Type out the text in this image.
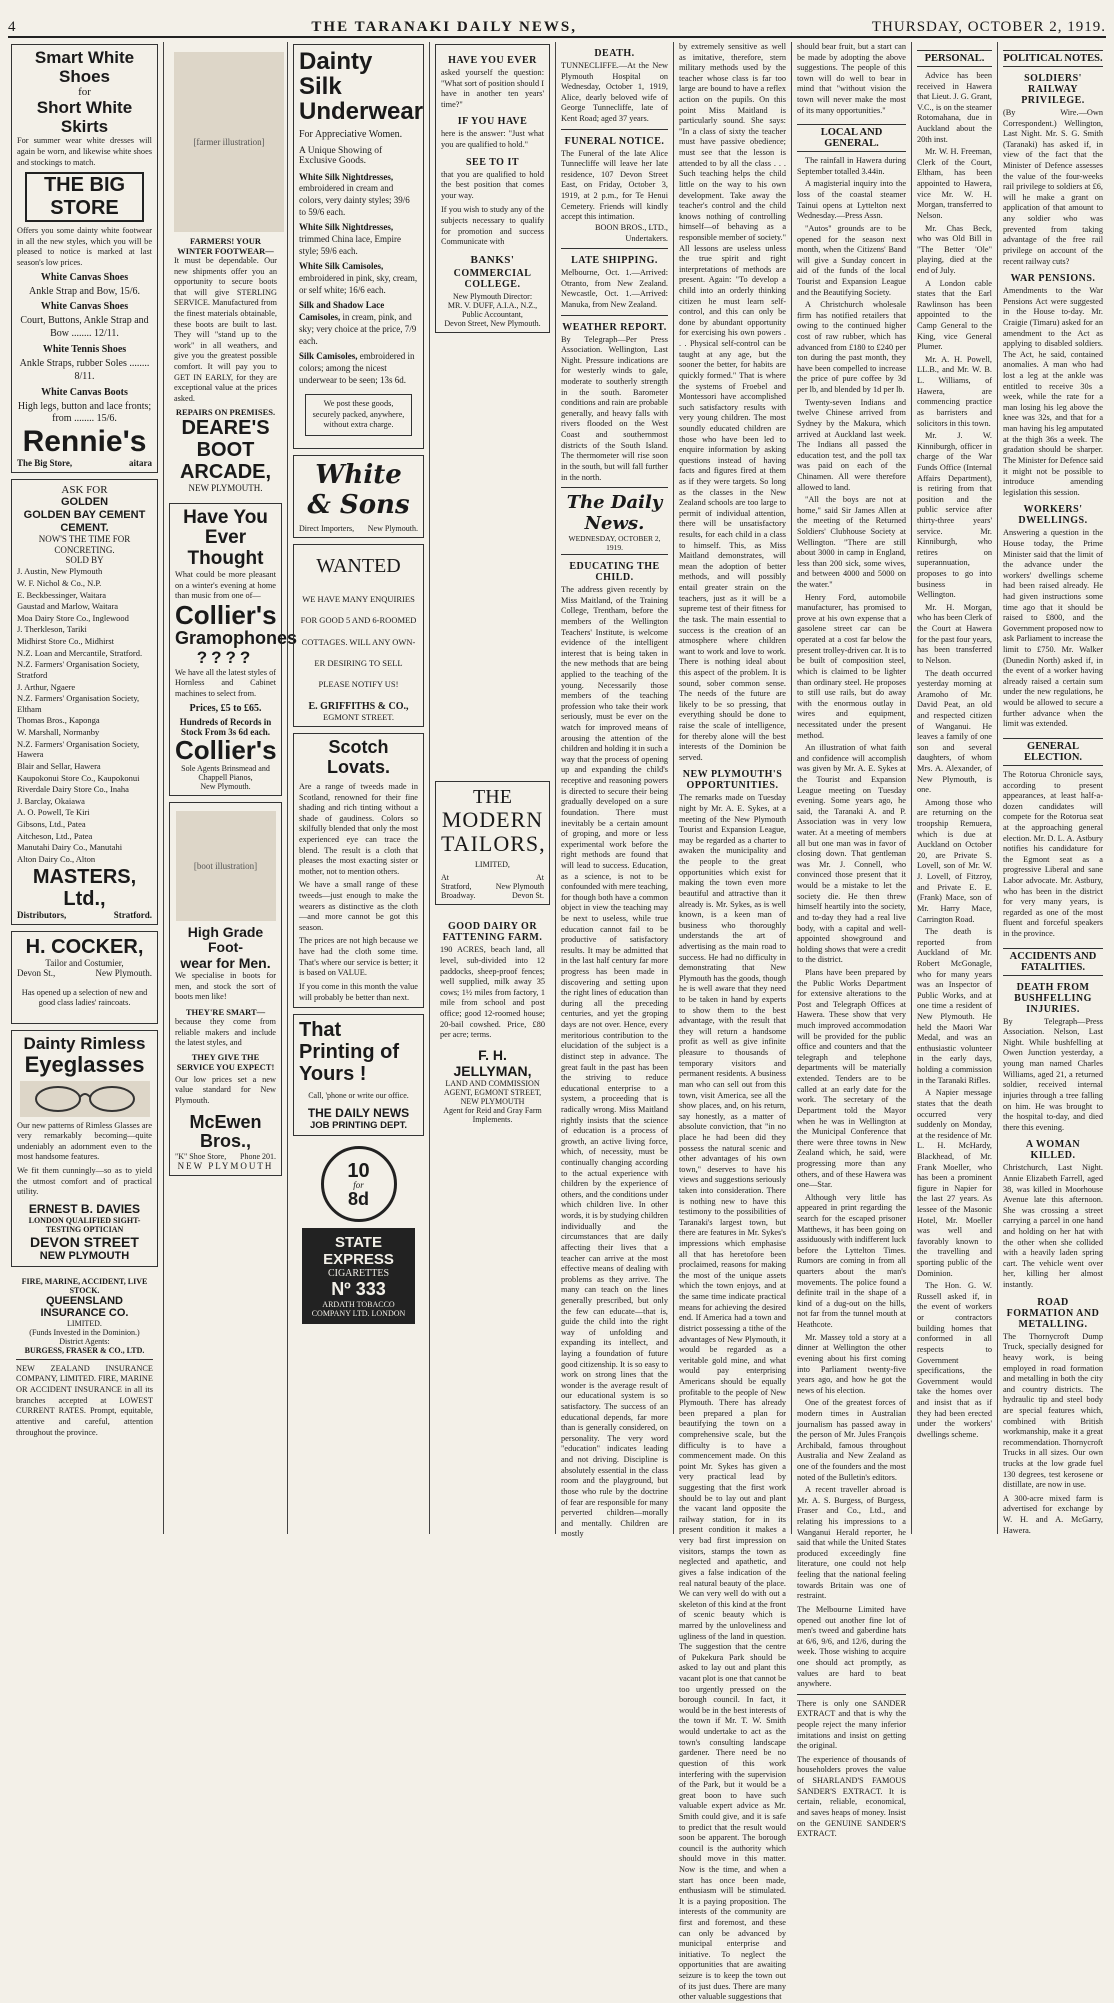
4	THE TARANAKI DAILY NEWS,	THURSDAY, OCTOBER 2, 1919.
Smart White Shoes
for
Short White Skirts
For summer wear white dresses will again be worn, and likewise white shoes and stockings to match.
THE BIG STORE
Offers you some dainty white footwear in all the new styles, which you will be pleased to notice is marked at last season's low prices.
White Canvas Shoes
Ankle Strap and Bow, 15/6.
White Canvas Shoes
Court, Buttons, Ankle Strap and Bow ........ 12/11.
White Tennis Shoes
Ankle Straps, rubber Soles ........ 8/11.
White Canvas Boots
High legs, button and lace fronts; from ........ 15/6.
Rennie's
The Big Store,	aitara
ASK FOR
GOLDEN
GOLDEN BAY CEMENT
CEMENT.
NOW'S THE TIME FOR CONCRETING.
SOLD BY
J. Austin, New Plymouth
W. F. Nichol & Co., N.P.
E. Beckbessinger, Waitara
Gaustad and Marlow, Waitara
Moa Dairy Store Co., Inglewood
J. Therkleson, Tariki
Midhirst Store Co., Midhirst
N.Z. Loan and Mercantile, Stratford.
N.Z. Farmers' Organisation Society, Stratford
J. Arthur, Ngaere
N.Z. Farmers' Organisation Society, Eltham
Thomas Bros., Kaponga
W. Marshall, Normanby
N.Z. Farmers' Organisation Society, Hawera
Blair and Sellar, Hawera
Kaupokonui Store Co., Kaupokonui
Riverdale Dairy Store Co., Inaha
J. Barclay, Okaiawa
A. O. Powell, Te Kiri
Gibsons, Ltd., Patea
Aitcheson, Ltd., Patea
Manutahi Dairy Co., Manutahi
Alton Dairy Co., Alton
MASTERS, Ltd.,
Distributors,	Stratford.
H. COCKER,
Tailor and Costumier,
Devon St.,	New Plymouth.
Has opened up a selection of new and good class ladies' raincoats.
Dainty Rimless
Eyeglasses
Our new patterns of Rimless Glasses are very remarkably becoming—quite undeniably an adornment even to the most handsome features.
We fit them cunningly—so as to yield the utmost comfort and of practical utility.
ERNEST B. DAVIES
LONDON QUALIFIED SIGHT-TESTING OPTICIAN
DEVON STREET
NEW PLYMOUTH
FIRE, MARINE, ACCIDENT, LIVE STOCK.
QUEENSLAND INSURANCE CO.
LIMITED.
(Funds Invested in the Dominion.)
District Agents:
BURGESS, FRASER & CO., LTD.
NEW ZEALAND INSURANCE COMPANY, LIMITED. FIRE, MARINE OR ACCIDENT INSURANCE in all its branches accepted at LOWEST CURRENT RATES. Prompt, equitable, attentive and careful, attention throughout the province.
[farmer illustration]
FARMERS! YOUR WINTER FOOTWEAR—
It must be dependable. Our new shipments offer you an opportunity to secure boots that will give STERLING SERVICE. Manufactured from the finest materials obtainable, these boots are built to last. They will "stand up to the work" in all weathers, and give you the greatest possible comfort. It will pay you to GET IN EARLY, for they are exceptional value at the prices asked.
REPAIRS ON PREMISES.
DEARE'S
BOOT
ARCADE,
NEW PLYMOUTH.
Have You
Ever Thought
What could be more pleasant on a winter's evening at home than music from one of—
Collier's
Gramophones
????
We have all the latest styles of Hornless and Cabinet machines to select from.
Prices, £5 to £65.
Hundreds of Records in Stock From 3s 6d each.
Collier's
Sole Agents Brinsmead and Chappell Pianos,
New Plymouth.
[boot illustration]
High Grade Foot-
wear for Men.
We specialise in boots for men, and stock the sort of boots men like!
THEY'RE SMART—
because they come from reliable makers and include the latest styles, and
THEY GIVE THE SERVICE YOU EXPECT!
Our low prices set a new value standard for New Plymouth.
McEwen Bros.,
"K" Shoe Store, Phone 201.
NEW PLYMOUTH
Dainty
Silk
Underwear
For Appreciative Women.
A Unique Showing of Exclusive Goods.
White Silk Nightdresses, embroidered in cream and colors, very dainty styles; 39/6 to 59/6 each.
White Silk Nightdresses, trimmed China lace, Empire style; 59/6 each.
White Silk Camisoles, embroidered in pink, sky, cream, or self white; 16/6 each.
Silk and Shadow Lace Camisoles, in cream, pink, and sky; very choice at the price, 7/9 each.
Silk Camisoles, embroidered in colors; among the nicest underwear to be seen; 13s 6d.
We post these goods, securely packed, anywhere, without extra charge.
White & Sons
Direct Importers, New Plymouth.
WANTED
WE HAVE MANY ENQUIRIES
FOR GOOD 5 AND 6-ROOMED
COTTAGES. WILL ANY OWN-
ER DESIRING TO SELL
PLEASE NOTIFY US!
E. GRIFFITHS & CO.,
EGMONT STREET.
Scotch Lovats.
Are a range of tweeds made in Scotland, renowned for their fine shading and rich tinting without a shade of gaudiness. Colors so skilfully blended that only the most experienced eye can trace the blend. The result is a cloth that pleases the most exacting sister or mother, not to mention others.
We have a small range of these tweeds—just enough to make the wearers as distinctive as the cloth—and more cannot be got this season.
The prices are not high because we have had the cloth some time. That's where our service is better; it is based on VALUE.
If you come in this month the value will probably be better than next.
That
Printing of
Yours !
Call, 'phone or write our office.
THE DAILY NEWS
JOB PRINTING DEPT.
10
for
8d
STATE EXPRESS
CIGARETTES
Nº 333
ARDATH TOBACCO COMPANY LTD. LONDON
HAVE YOU EVER
asked yourself the question: "What sort of position should I have in another ten years' time?"
IF YOU HAVE
here is the answer: "Just what you are qualified to hold."
SEE TO IT
that you are qualified to hold the best position that comes your way.
If you wish to study any of the subjects necessary to qualify for promotion and success Communicate with
BANKS'
COMMERCIAL COLLEGE.
New Plymouth Director:
MR. V. DUFF, A.I.A., N.Z., Public Accountant,
Devon Street, New Plymouth.
THE
MODERN
TAILORS,
LIMITED,
At	At
Stratford,	New Plymouth
Broadway.	Devon St.
GOOD DAIRY OR FATTENING FARM.
190 ACRES, beach land, all level, sub-divided into 12 paddocks, sheep-proof fences; well supplied, milk away 35 cows; 1½ miles from factory, 1 mile from school and post office; good 12-roomed house; 20-bail cowshed. Price, £80 per acre; terms.
F. H. JELLYMAN,
LAND AND COMMISSION AGENT, EGMONT STREET, NEW PLYMOUTH
Agent for Reid and Gray Farm Implements.
DEATH.
TUNNECLIFFE.—At the New Plymouth Hospital on Wednesday, October 1, 1919, Alice, dearly beloved wife of George Tunnecliffe, late of Kent Road; aged 37 years.
FUNERAL NOTICE.
The Funeral of the late Alice Tunnecliffe will leave her late residence, 107 Devon Street East, on Friday, October 3, 1919, at 2 p.m., for Te Henui Cemetery. Friends will kindly accept this intimation.
BOON BROS., LTD., Undertakers.
LATE SHIPPING.
Melbourne, Oct. 1.—Arrived: Otranto, from New Zealand. Newcastle, Oct. 1.—Arrived: Manuka, from New Zealand.
WEATHER REPORT.
By Telegraph—Per Press Association. Wellington, Last Night. Pressure indications are for westerly winds to gale, moderate to southerly strength in the south. Barometer conditions and rain are probable generally, and heavy falls with rivers flooded on the West Coast and southernmost districts of the South Island. The thermometer will rise soon in the south, but will fall further in the north.
The Daily News.
WEDNESDAY, OCTOBER 2, 1919.
EDUCATING THE CHILD.
The address given recently by Miss Maitland, of the Training College, Trentham, before the members of the Wellington Teachers' Institute, is welcome evidence of the intelligent interest that is being taken in the new methods that are being applied to the teaching of the young. Necessarily those members of the teaching profession who take their work seriously, must be ever on the watch for improved means of arousing the attention of the children and holding it in such a way that the process of opening up and expanding the child's receptive and reasoning powers is directed to secure their being gradually developed on a sure foundation. There must inevitably be a certain amount of groping, and more or less experimental work before the right methods are found that will lead to success. Education, as a science, is not to be confounded with mere teaching, for though both have a common object in view the teaching may be next to useless, while true education cannot fail to be productive of satisfactory results. It may be admitted that in the last half century far more progress has been made in discovering and setting upon the right lines of education than during all the preceding centuries, and yet the groping days are not over. Hence, every meritorious contribution to the elucidation of the subject is a distinct step in advance. The great fault in the past has been the striving to reduce educational enterprise to a system, a proceeding that is radically wrong. Miss Maitland rightly insists that the science of education is a process of growth, an active living force, which, of necessity, must be continually changing according to the actual experience with children by the experience of others, and the conditions under which children live. In other words, it is by studying children individually and the circumstances that are daily affecting their lives that a teacher can arrive at the most effective means of dealing with problems as they arrive. The many can teach on the lines generally prescribed, but only the few can educate—that is, guide the child into the right way of unfolding and expanding its intellect, and laying a foundation of future good citizenship. It is so easy to work on strong lines that the wonder is the average result of our educational system is so satisfactory. The success of an educational depends, far more than is generally considered, on personality. The very word "education" indicates leading and not driving. Discipline is absolutely essential in the class room and the playground, but those who rule by the doctrine of fear are responsible for many perverted children—morally and mentally. Children are mostly
by extremely sensitive as well as imitative, therefore, stern military methods used by the teacher whose class is far too large are bound to have a reflex action on the pupils. On this point Miss Maitland is particularly sound. She says: "In a class of sixty the teacher must have passive obedience; must see that the lesson is attended to by all the class . . . Such teaching helps the child little on the way to his own development. Take away the teacher's control and the child knows nothing of controlling himself—of behaving as a responsible member of society." All lessons are useless unless the true spirit and right interpretations of methods are present. Again: "To develop a child into an orderly thinking citizen he must learn self-control, and this can only be done by abundant opportunity for exercising his own powers . . . Physical self-control can be taught at any age, but the sooner the better, for habits are quickly formed." That is where the systems of Froebel and Montessori have accomplished such satisfactory results with very young children. The most soundly educated children are those who have been led to enquire information by asking questions instead of having facts and figures fired at them as if they were targets. So long as the classes in the New Zealand schools are too large to permit of individual attention, there will be unsatisfactory results, for each child in a class to himself. This, as Miss Maitland demonstrates, will mean the adoption of better methods, and will possibly entail greater strain on the teachers, just as it will be a supreme test of their fitness for the task. The main essential to success is the creation of an atmosphere where children want to work and love to work. There is nothing ideal about this aspect of the problem. It is sound, sober common sense. The needs of the future are likely to be so pressing, that everything should be done to raise the scale of intelligence, for thereby alone will the best interests of the Dominion be served.
NEW PLYMOUTH'S OPPORTUNITIES.
The remarks made on Tuesday night by Mr. A. E. Sykes, at a meeting of the New Plymouth Tourist and Expansion League, may be regarded as a charter to awaken the municipality and the people to the great opportunities which exist for making the town even more beautiful and attractive than it already is. Mr. Sykes, as is well known, is a keen man of business who thoroughly understands the art of advertising as the main road to success. He had no difficulty in demonstrating that New Plymouth has the goods, though he is well aware that they need to be taken in hand by experts to show them to the best advantage, with the result that they will return a handsome profit as well as give infinite pleasure to thousands of temporary visitors and permanent residents. A business man who can sell out from this town, visit America, see all the show places, and, on his return, say honestly, as a matter of absolute conviction, that "in no place he had been did they possess the natural scenic and other advantages of his own town," deserves to have his views and suggestions seriously taken into consideration. There is nothing new to have this testimony to the possibilities of Taranaki's largest town, but there are features in Mr. Sykes's impressions which emphasise all that has heretofore been proclaimed, reasons for making the most of the unique assets which the town enjoys, and at the same time indicate practical means for achieving the desired end. If America had a town and district possessing a tithe of the advantages of New Plymouth, it would be regarded as a veritable gold mine, and what would pay enterprising Americans should be equally profitable to the people of New Plymouth. There has already been prepared a plan for beautifying the town on a comprehensive scale, but the difficulty is to have a commencement made. On this point Mr. Sykes has given a very practical lead by suggesting that the first work should be to lay out and plant the vacant land opposite the railway station, for in its present condition it makes a very bad first impression on visitors, stamps the town as neglected and apathetic, and gives a false indication of the real natural beauty of the place. We can very well do with out a skeleton of this kind at the front of scenic beauty which is marred by the unloveliness and ugliness of the land in question. The suggestion that the centre of Pukekura Park should be asked to lay out and plant this vacant plot is one that cannot be too urgently pressed on the borough council. In fact, it would be in the best interests of the town if Mr. T. W. Smith would undertake to act as the town's consulting landscape gardener. There need be no question of this work interfering with the supervision of the Park, but it would be a great boon to have such valuable expert advice as Mr. Smith could give, and it is safe to predict that the result would soon be apparent. The borough council is the authority which should move in this matter. Now is the time, and when a start has once been made, enthusiasm will be stimulated. It is a paying proposition. The interests of the community are first and foremost, and these can only be advanced by municipal enterprise and initiative. To neglect the opportunities that are awaiting seizure is to keep the town out of its just dues. There are many other valuable suggestions that
should bear fruit, but a start can be made by adopting the above suggestions. The people of this town will do well to bear in mind that "without vision the town will never make the most of its many opportunities."
LOCAL AND GENERAL.
The rainfall in Hawera during September totalled 3.44in.
A magisterial inquiry into the loss of the coastal steamer Tainui opens at Lyttelton next Wednesday.—Press Assn.
"Autos" grounds are to be opened for the season next month, when the Citizens' Band will give a Sunday concert in aid of the funds of the local Tourist and Expansion League and the Beautifying Society.
A Christchurch wholesale firm has notified retailers that owing to the continued higher cost of raw rubber, which has advanced from £180 to £240 per ton during the past month, they have been compelled to increase the price of pure coffee by 3d per lb, and blended by 1d per lb.
Twenty-seven Indians and twelve Chinese arrived from Sydney by the Makura, which arrived at Auckland last week. The Indians all passed the education test, and the poll tax was paid on each of the Chinamen. All were therefore allowed to land.
"All the boys are not at home," said Sir James Allen at the meeting of the Returned Soldiers' Clubhouse Society at Wellington. "There are still about 3000 in camp in England, less than 200 sick, some wives, and between 4000 and 5000 on the water."
Henry Ford, automobile manufacturer, has promised to prove at his own expense that a gasolene street car can be operated at a cost far below the present trolley-driven car. It is to be built of composition steel, which is claimed to be lighter than ordinary steel. He proposes to still use rails, but do away with the enormous outlay in wires and equipment, necessitated under the present method.
An illustration of what faith and confidence will accomplish was given by Mr. A. E. Sykes at the Tourist and Expansion League meeting on Tuesday evening. Some years ago, he said, the Taranaki A. and P. Association was in very low water. At a meeting of members all but one man was in favor of closing down. That gentleman was Mr. J. Connell, who convinced those present that it would be a mistake to let the society die. He then threw himself heartily into the society, and to-day they had a real live body, with a capital and well-appointed showground and holding shows that were a credit to the district.
Plans have been prepared by the Public Works Department for extensive alterations to the Post and Telegraph Offices at Hawera. These show that very much improved accommodation will be provided for the public office and counters and that the telegraph and telephone departments will be materially extended. Tenders are to be called at an early date for the work. The secretary of the Department told the Mayor when he was in Wellington at the Municipal Conference that there were three towns in New Zealand which, he said, were progressing more than any others, and of these Hawera was one—Star.
Although very little has appeared in print regarding the search for the escaped prisoner Matthews, it has been going on assiduously with indifferent luck before the Lyttelton Times. Rumors are coming in from all quarters about the man's movements. The police found a definite trail in the shape of a kind of a dug-out on the hills, not far from the tunnel mouth at Heathcote.
Mr. Massey told a story at a dinner at Wellington the other evening about his first coming into Parliament twenty-five years ago, and how he got the news of his election.
One of the greatest forces of modern times in Australian journalism has passed away in the person of Mr. Jules François Archibald, famous throughout Australia and New Zealand as one of the founders and the most noted of the Bulletin's editors.
A recent traveller abroad is Mr. A. S. Burgess, of Burgess, Fraser and Co., Ltd., and relating his impressions to a Wanganui Herald reporter, he said that while the United States produced exceedingly fine literature, one could not help feeling that the national feeling towards Britain was one of restraint.
The Melbourne Limited have opened out another fine lot of men's tweed and gaberdine hats at 6/6, 9/6, and 12/6, during the week. Those wishing to acquire one should act promptly, as values are hard to beat anywhere.
There is only one SANDER EXTRACT and that is why the people reject the many inferior imitations and insist on getting the original.
The experience of thousands of householders proves the value of SHARLAND'S FAMOUS SANDER'S EXTRACT. It is certain, reliable, economical, and saves heaps of money. Insist on the GENUINE SANDER'S EXTRACT.
PERSONAL.
Advice has been received in Hawera that Lieut. J. G. Grant, V.C., is on the steamer Rotomahana, due in Auckland about the 20th inst.
Mr. W. H. Freeman, Clerk of the Court, Eltham, has been appointed to Hawera, vice Mr. W. H. Morgan, transferred to Nelson.
Mr. Chas Beck, who was Old Bill in "The Better 'Ole" playing, died at the end of July.
A London cable states that the Earl Rawlinson has been appointed to the Camp General to the King, vice General Plumer.
Mr. A. H. Powell, LL.B., and Mr. W. B. L. Williams, of Hawera, are commencing practice as barristers and solicitors in this town.
Mr. J. W. Kinniburgh, officer in charge of the War Funds Office (Internal Affairs Department), is retiring from that position and the public service after thirty-three years' service. Mr. Kinniburgh, who retires on superannuation, proposes to go into business in Wellington.
Mr. H. Morgan, who has been Clerk of the Court at Hawera for the past four years, has been transferred to Nelson.
The death occurred yesterday morning at Aramoho of Mr. David Peat, an old and respected citizen of Wanganui. He leaves a family of one son and several daughters, of whom Mrs. A. Alexander, of New Plymouth, is one.
Among those who are returning on the troopship Remuera, which is due at Auckland on October 20, are Private S. Lovell, son of Mr. W. J. Lovell, of Fitzroy, and Private E. E. (Frank) Mace, son of Mr. Harry Mace, Carrington Road.
The death is reported from Auckland of Mr. Robert McGonagle, who for many years was an Inspector of Public Works, and at one time a resident of New Plymouth. He held the Maori War Medal, and was an enthusiastic volunteer in the early days, holding a commission in the Taranaki Rifles.
A Napier message states that the death occurred very suddenly on Monday, at the residence of Mr. L. H. McHardy, Blackhead, of Mr. Frank Moeller, who has been a prominent figure in Napier for the last 27 years. As lessee of the Masonic Hotel, Mr. Moeller was well and favorably known to the travelling and sporting public of the Dominion.
The Hon. G. W. Russell asked if, in the event of workers or contractors building homes that conformed in all respects to Government specifications, the Government would take the homes over and insist that as if they had been erected under the workers' dwellings scheme.
POLITICAL NOTES.
SOLDIERS' RAILWAY PRIVILEGE.
(By Wire.—Own Correspondent.) Wellington, Last Night. Mr. S. G. Smith (Taranaki) has asked if, in view of the fact that the Minister of Defence assesses the value of the four-weeks rail privilege to soldiers at £6, will he make a grant on application of that amount to any soldier who was prevented from taking advantage of the free rail privilege on account of the recent railway cuts?
WAR PENSIONS.
Amendments to the War Pensions Act were suggested in the House to-day. Mr. Craigie (Timaru) asked for an amendment to the Act as applying to disabled soldiers. The Act, he said, contained anomalies. A man who had lost a leg at the ankle was entitled to receive 30s a week, while the rate for a man losing his leg above the knee was 32s, and that for a man having his leg amputated at the thigh 36s a week. The gradation should be sharper. The Minister for Defence said it might not be possible to introduce amending legislation this session.
WORKERS' DWELLINGS.
Answering a question in the House today, the Prime Minister said that the limit of the advance under the workers' dwellings scheme had been raised already. He had given instructions some time ago that it should be raised to £800, and the Government proposed now to ask Parliament to increase the limit to £750. Mr. Walker (Dunedin North) asked if, in the event of a worker having already raised a certain sum under the new regulations, he would be allowed to secure a further advance when the limit was extended.
GENERAL ELECTION.
The Rotorua Chronicle says, according to present appearances, at least half-a-dozen candidates will compete for the Rotorua seat at the approaching general election. Mr. D. L. A. Astbury notifies his candidature for the Egmont seat as a progressive Liberal and sane Labor advocate. Mr. Astbury, who has been in the district for very many years, is regarded as one of the most fluent and forceful speakers in the province.
ACCIDENTS AND FATALITIES.
DEATH FROM BUSHFELLING INJURIES.
By Telegraph—Press Association. Nelson, Last Night. While bushfelling at Owen Junction yesterday, a young man named Charles Williams, aged 21, a returned soldier, received internal injuries through a tree falling on him. He was brought to the hospital to-day, and died there this evening.
A WOMAN KILLED.
Christchurch, Last Night. Annie Elizabeth Farrell, aged 38, was killed in Moorhouse Avenue late this afternoon. She was crossing a street carrying a parcel in one hand and holding on her hat with the other when she collided with a heavily laden spring cart. The vehicle went over her, killing her almost instantly.
ROAD FORMATION AND METALLING.
The Thornycroft Dump Truck, specially designed for heavy work, is being employed in road formation and metalling in both the city and country districts. The hydraulic tip and steel body are special features which, combined with British workmanship, make it a great recommendation. Thornycroft Trucks in all sizes. Our own trucks at the low grade fuel 130 degrees, test kerosene or distillate, are now in use.
A 300-acre mixed farm is advertised for exchange by W. H. and A. McGarry, Hawera.
